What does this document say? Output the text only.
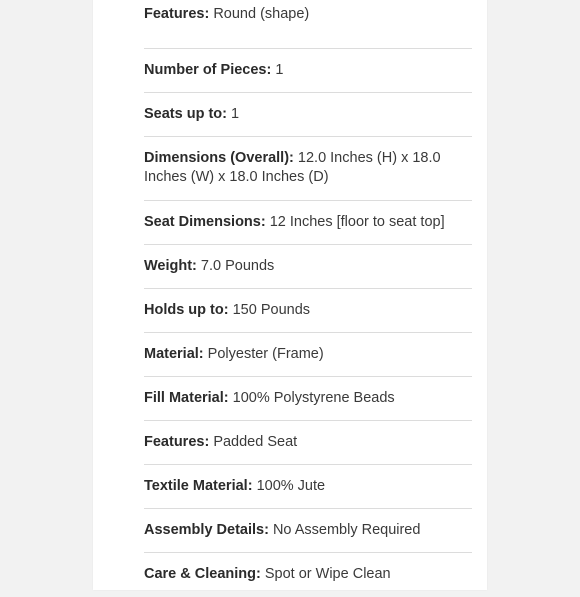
Features: Round (shape)
Number of Pieces: 1
Seats up to: 1
Dimensions (Overall): 12.0 Inches (H) x 18.0 Inches (W) x 18.0 Inches (D)
Seat Dimensions: 12 Inches [floor to seat top]
Weight: 7.0 Pounds
Holds up to: 150 Pounds
Material: Polyester (Frame)
Fill Material: 100% Polystyrene Beads
Features: Padded Seat
Textile Material: 100% Jute
Assembly Details: No Assembly Required
Care & Cleaning: Spot or Wipe Clean
